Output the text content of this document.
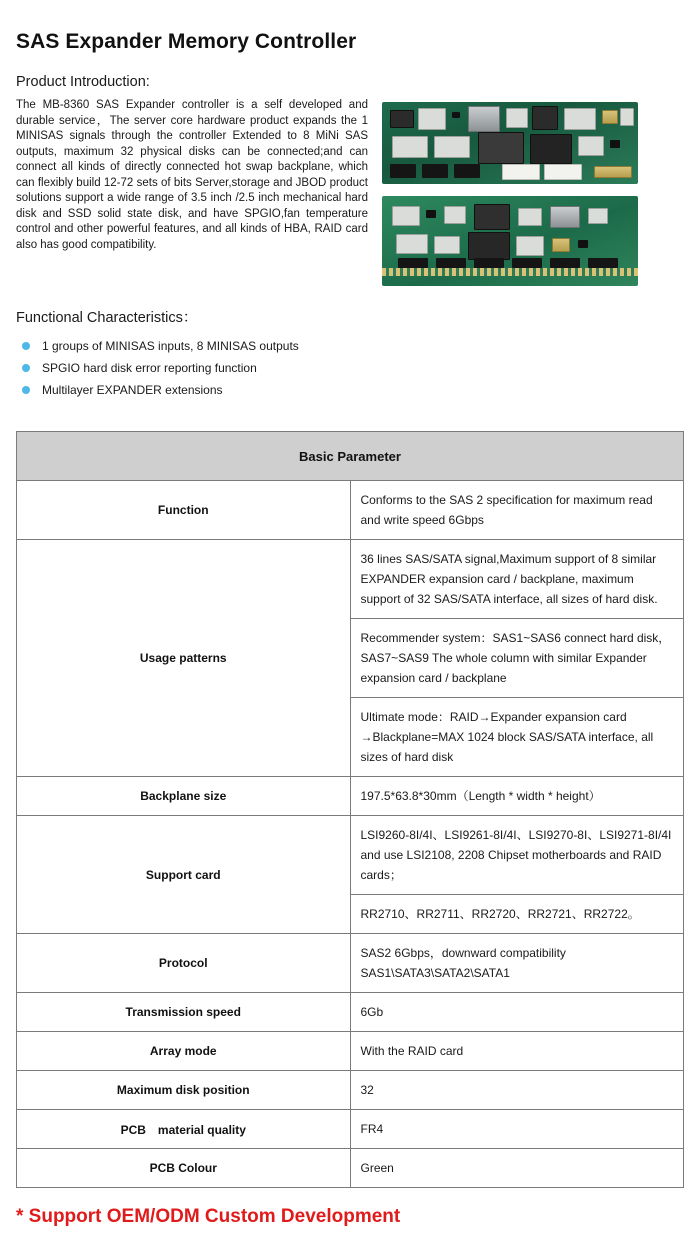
SAS Expander Memory Controller
Product Introduction:
The MB-8360 SAS Expander controller is a self developed and durable service，The server core hardware product expands the 1 MINISAS signals through the controller Extended to 8 MiNi SAS outputs, maximum 32 physical disks can be connected;and can connect all kinds of directly connected hot swap backplane, which can flexibly build 12-72 sets of bits Server,storage and JBOD product solutions support a wide range of 3.5 inch /2.5 inch mechanical hard disk and SSD solid state disk, and have SPGIO,fan temperature control and other powerful features, and all kinds of HBA, RAID card also has good compatibility.
Functional Characteristics：
1 groups of MINISAS inputs, 8 MINISAS outputs
SPGIO hard disk error reporting function
Multilayer EXPANDER extensions
Basic Parameter	
Function	Conforms to the SAS 2 specification for maximum read and write speed 6Gbps
Usage patterns	36 lines SAS/SATA signal,Maximum support of 8 similar EXPANDER expansion card / backplane, maximum support of 32 SAS/SATA interface, all sizes of hard disk.
	Recommender system：SAS1~SAS6 connect hard disk，SAS7~SAS9 The whole column with similar Expander expansion card / backplane
	Ultimate mode：RAID→Expander expansion card →Blackplane=MAX 1024 block SAS/SATA interface, all sizes of hard disk
Backplane size	197.5*63.8*30mm（Length * width * height）
Support card	LSI9260-8I/4I、LSI9261-8I/4I、LSI9270-8I、LSI9271-8I/4I and use LSI2108, 2208 Chipset motherboards and RAID cards；
	RR2710、RR2711、RR2720、RR2721、RR2722。
Protocol	SAS2 6Gbps，downward compatibility SAS1\SATA3\SATA2\SATA1
Transmission speed	6Gb
Array mode	With the RAID card
Maximum disk position	32
PCB　material quality	FR4
PCB Colour	Green
* Support OEM/ODM Custom Development
